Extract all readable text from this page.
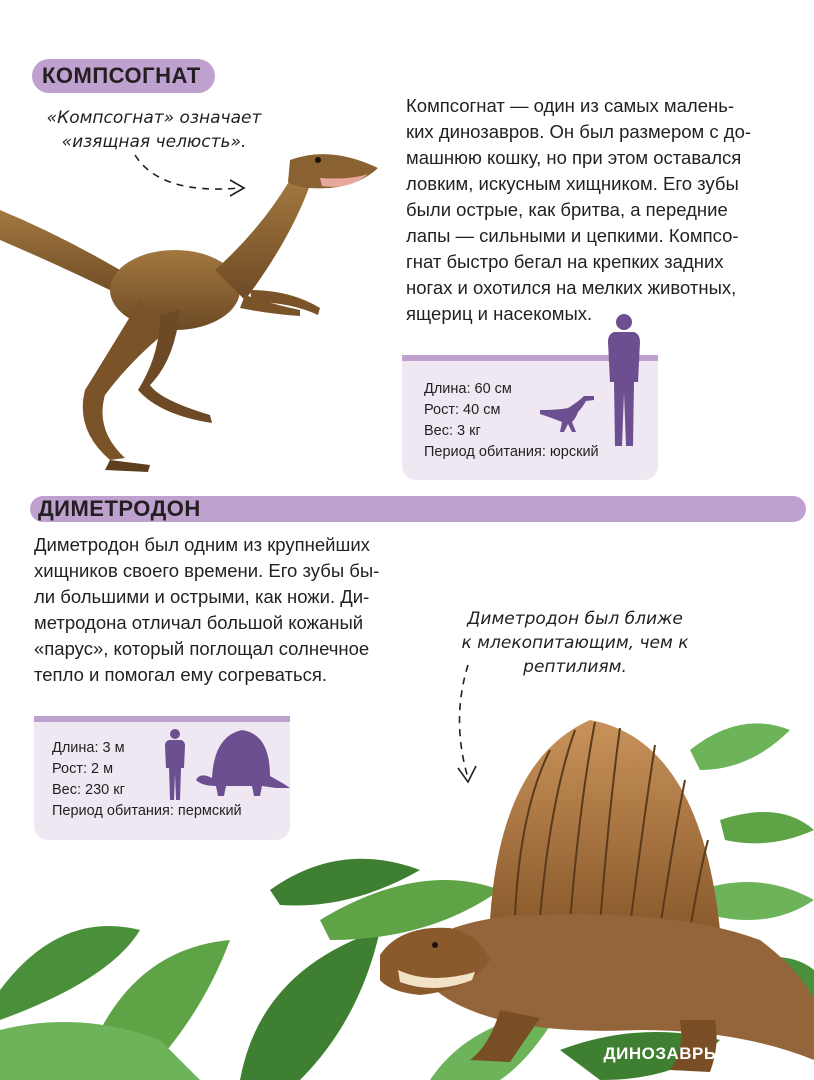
КОМПСОГНАТ
«Компсогнат» означает
«изящная челюсть».

Компсогнат — один из самых малень-

ких динозавров. Он был размером с до-

машнюю кошку, но при этом оставался

ловким, искусным хищником. Его зубы

были острые, как бритва, а передние

лапы — сильными и цепкими. Компсо-

гнат быстро бегал на крепких задних

ногах и охотился на мелких животных,

ящериц и насекомых.

Длина: 60 см
Рост: 40 см
Вес: 3 кг
Период обитания: юрский
ДИМЕТРОДОН

Диметродон был одним из крупнейших

хищников своего времени. Его зубы бы-

ли большими и острыми, как ножи. Ди-

метродона отличал большой кожаный

«парус», который поглощал солнечное

тепло и помогал ему согреваться.

Диметродон был ближе
к млекопитающим, чем к рептилиям.
Длина: 3 м
Рост: 2 м
Вес: 230 кг
Период обитания: пермский
ДИНОЗАВРЫ 11
